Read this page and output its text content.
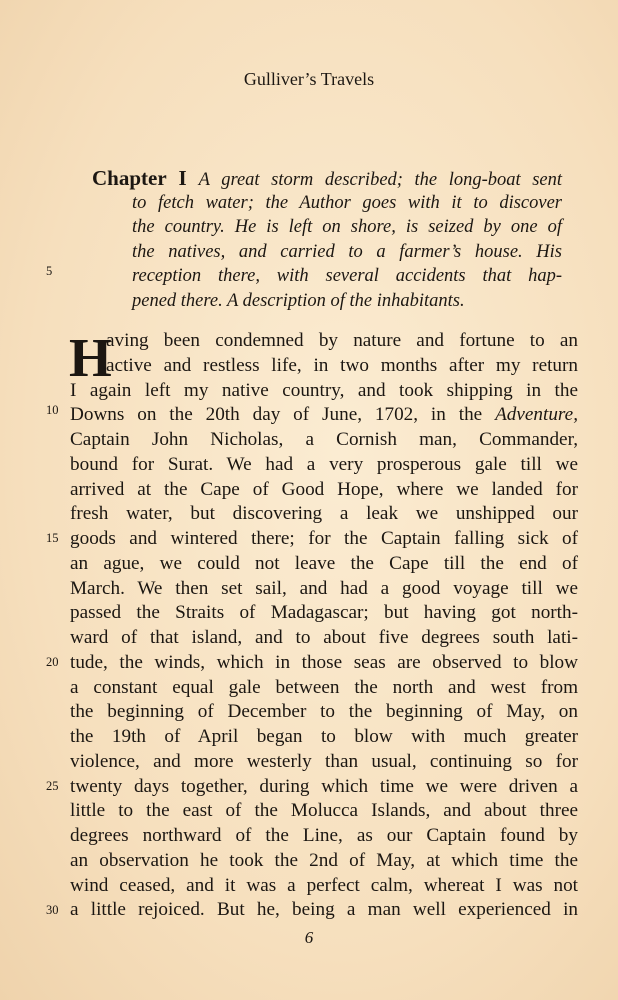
Gulliver’s Travels
Chapter I A great storm described; the long-boat sent
to fetch water; the Author goes with it to discover
the country. He is left on shore, is seized by one of
the natives, and carried to a farmer’s house. His
reception there, with several accidents that hap-
pened there. A description of the inhabitants.
H
aving been condemned by nature and fortune to an
active and restless life, in two months after my return
I again left my native country, and took shipping in the
Downs on the 20th day of June, 1702, in the Adventure,
Captain John Nicholas, a Cornish man, Commander,
bound for Surat. We had a very prosperous gale till we
arrived at the Cape of Good Hope, where we landed for
fresh water, but discovering a leak we unshipped our
goods and wintered there; for the Captain falling sick of
an ague, we could not leave the Cape till the end of
March. We then set sail, and had a good voyage till we
passed the Straits of Madagascar; but having got north-
ward of that island, and to about five degrees south lati-
tude, the winds, which in those seas are observed to blow
a constant equal gale between the north and west from
the beginning of December to the beginning of May, on
the 19th of April began to blow with much greater
violence, and more westerly than usual, continuing so for
twenty days together, during which time we were driven a
little to the east of the Molucca Islands, and about three
degrees northward of the Line, as our Captain found by
an observation he took the 2nd of May, at which time the
wind ceased, and it was a perfect calm, whereat I was not
a little rejoiced. But he, being a man well experienced in
5
10
15
20
25
30
6
